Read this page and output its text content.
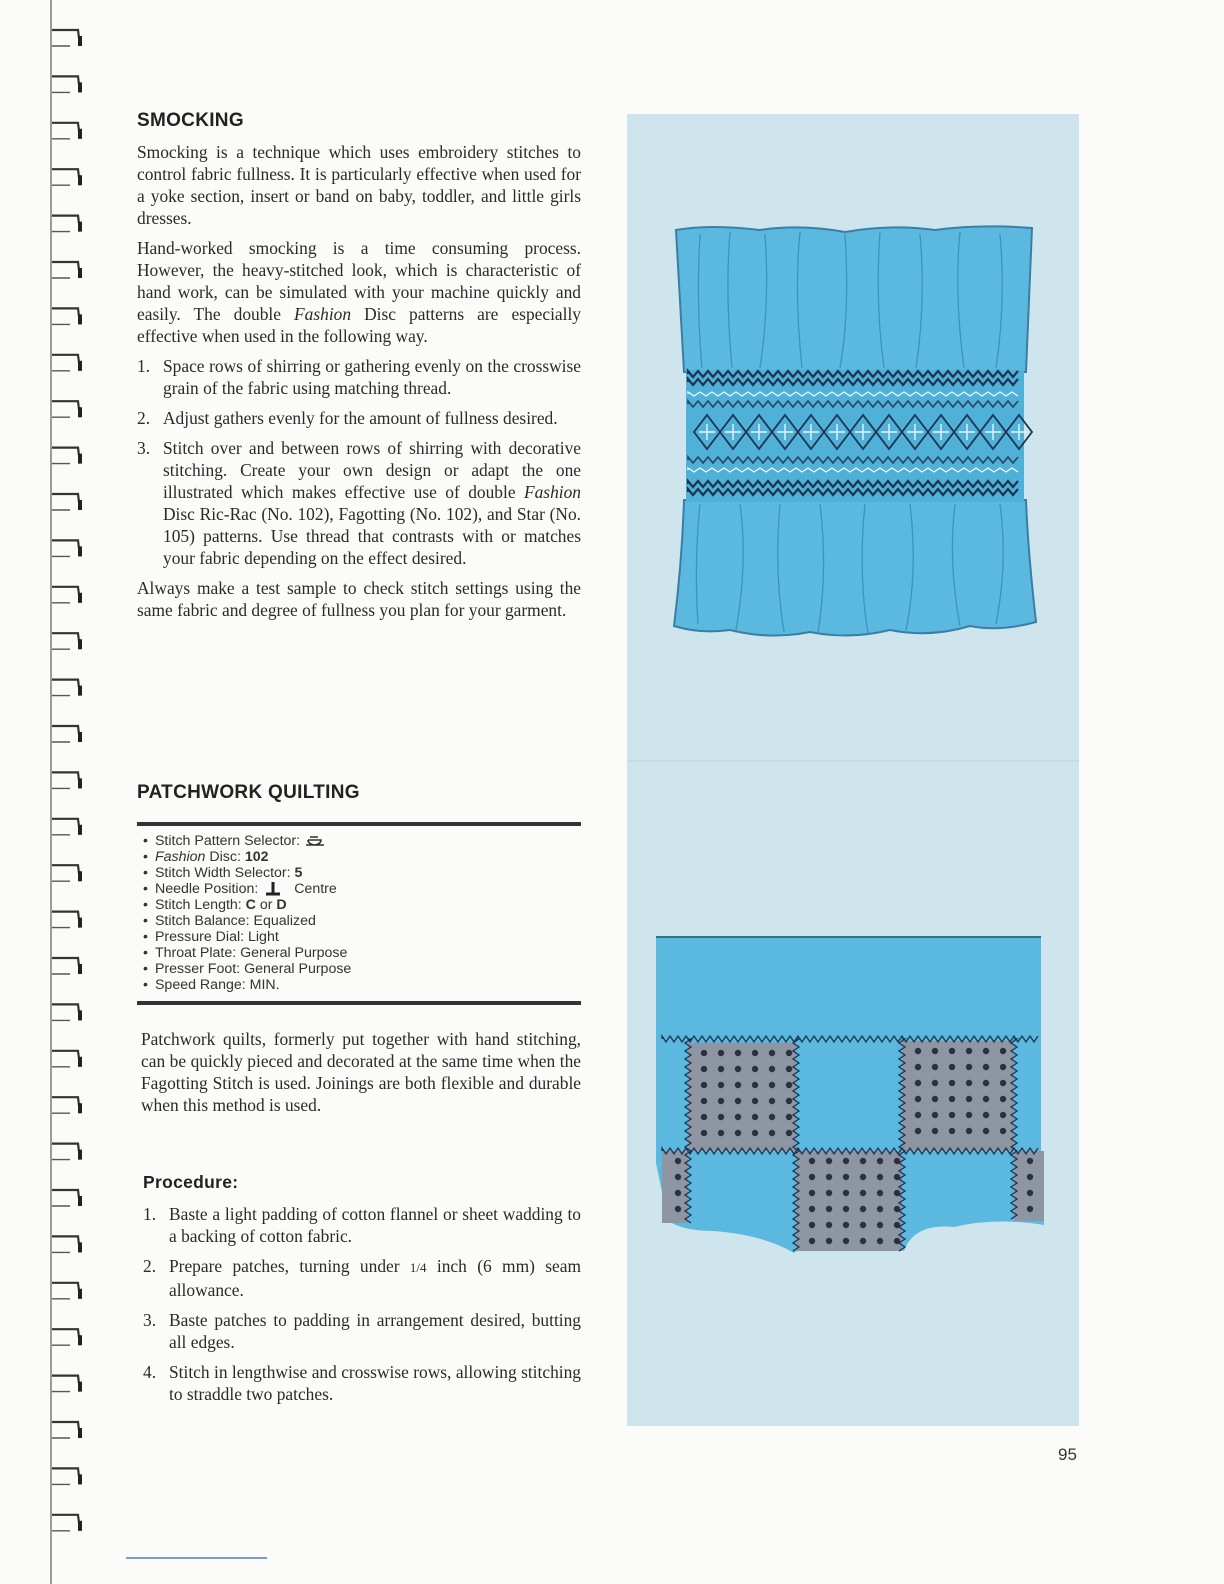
SMOCKING

Smocking is a technique which uses embroidery stitches to control fabric fullness. It is particularly effective when used for a yoke section, insert or band on baby, toddler, and little girls dresses.

Hand-worked smocking is a time consuming process. However, the heavy-stitched look, which is characteristic of hand work, can be simulated with your machine quickly and easily. The double Fashion Disc patterns are especially effective when used in the following way.

1. Space rows of shirring or gathering evenly on the crosswise grain of the fabric using matching thread.
2. Adjust gathers evenly for the amount of fullness desired.
3. Stitch over and between rows of shirring with decorative stitching. Create your own design or adapt the one illustrated which makes effective use of double Fashion Disc Ric-Rac (No. 102), Fagotting (No. 102), and Star (No. 105) patterns. Use thread that contrasts with or matches your fabric depending on the effect desired.

Always make a test sample to check stitch settings using the same fabric and degree of fullness you plan for your garment.

PATCHWORK QUILTING
• Stitch Pattern Selector:
• Fashion Disc: 102
• Stitch Width Selector: 5
• Needle Position:  Centre
• Stitch Length: C or D
• Stitch Balance: Equalized
• Pressure Dial: Light
• Throat Plate: General Purpose
• Presser Foot: General Purpose
• Speed Range: MIN.

Patchwork quilts, formerly put together with hand stitching, can be quickly pieced and decorated at the same time when the Fagotting Stitch is used. Joinings are both flexible and durable when this method is used.

Procedure:
1. Baste a light padding of cotton flannel or sheet wadding to a backing of cotton fabric.
2. Prepare patches, turning under 1/4 inch (6 mm) seam allowance.
3. Baste patches to padding in arrangement desired, butting all edges.
4. Stitch in lengthwise and crosswise rows, allowing stitching to straddle two patches.
95
